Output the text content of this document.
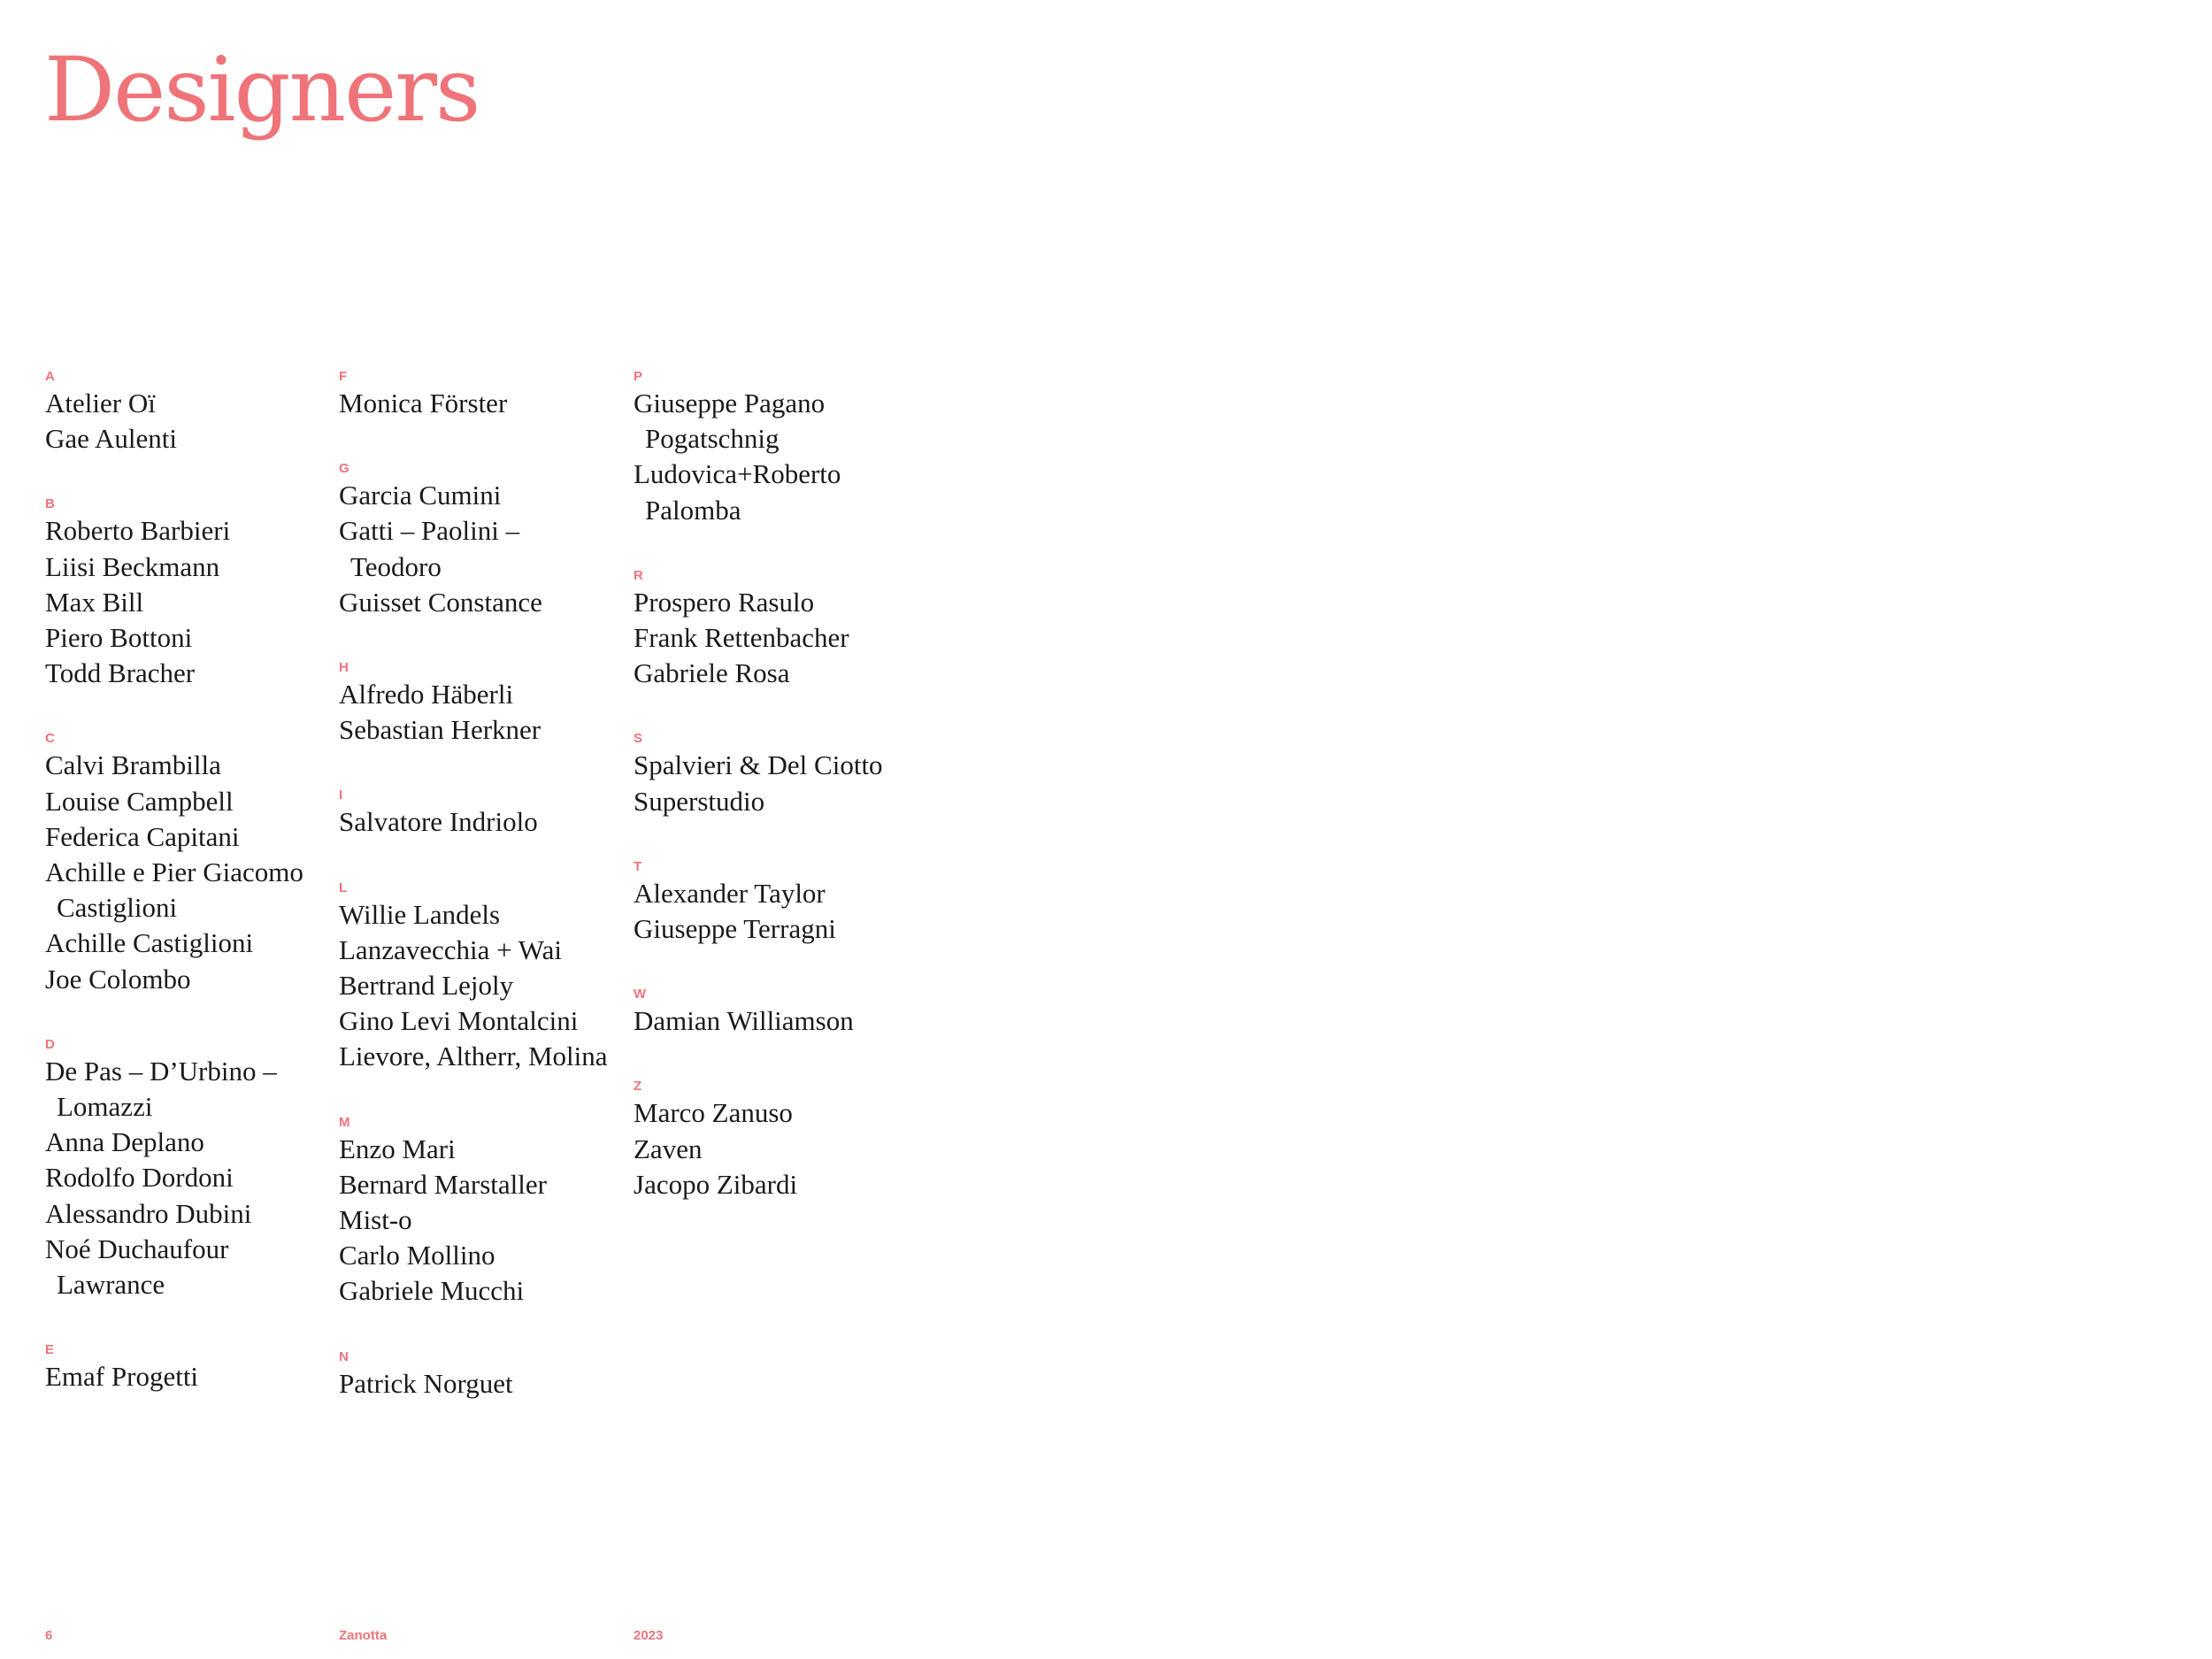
Designers
A
Atelier Oï
Gae Aulenti
B
Roberto Barbieri
Liisi Beckmann
Max Bill
Piero Bottoni
Todd Bracher
C
Calvi Brambilla
Louise Campbell
Federica Capitani
Achille e Pier Giacomo
Castiglioni
Achille Castiglioni
Joe Colombo
D
De Pas – D’Urbino –
Lomazzi
Anna Deplano
Rodolfo Dordoni
Alessandro Dubini
Noé Duchaufour
Lawrance
E
Emaf Progetti
F
Monica Förster
G
Garcia Cumini
Gatti – Paolini –
Teodoro
Guisset Constance
H
Alfredo Häberli
Sebastian Herkner
I
Salvatore Indriolo
L
Willie Landels
Lanzavecchia + Wai
Bertrand Lejoly
Gino Levi Montalcini
Lievore, Altherr, Molina
M
Enzo Mari
Bernard Marstaller
Mist-o
Carlo Mollino
Gabriele Mucchi
N
Patrick Norguet
P
Giuseppe Pagano
Pogatschnig
Ludovica+Roberto
Palomba
R
Prospero Rasulo
Frank Rettenbacher
Gabriele Rosa
S
Spalvieri & Del Ciotto
Superstudio
T
Alexander Taylor
Giuseppe Terragni
W
Damian Williamson
Z
Marco Zanuso
Zaven
Jacopo Zibardi
6	Zanotta	2023
